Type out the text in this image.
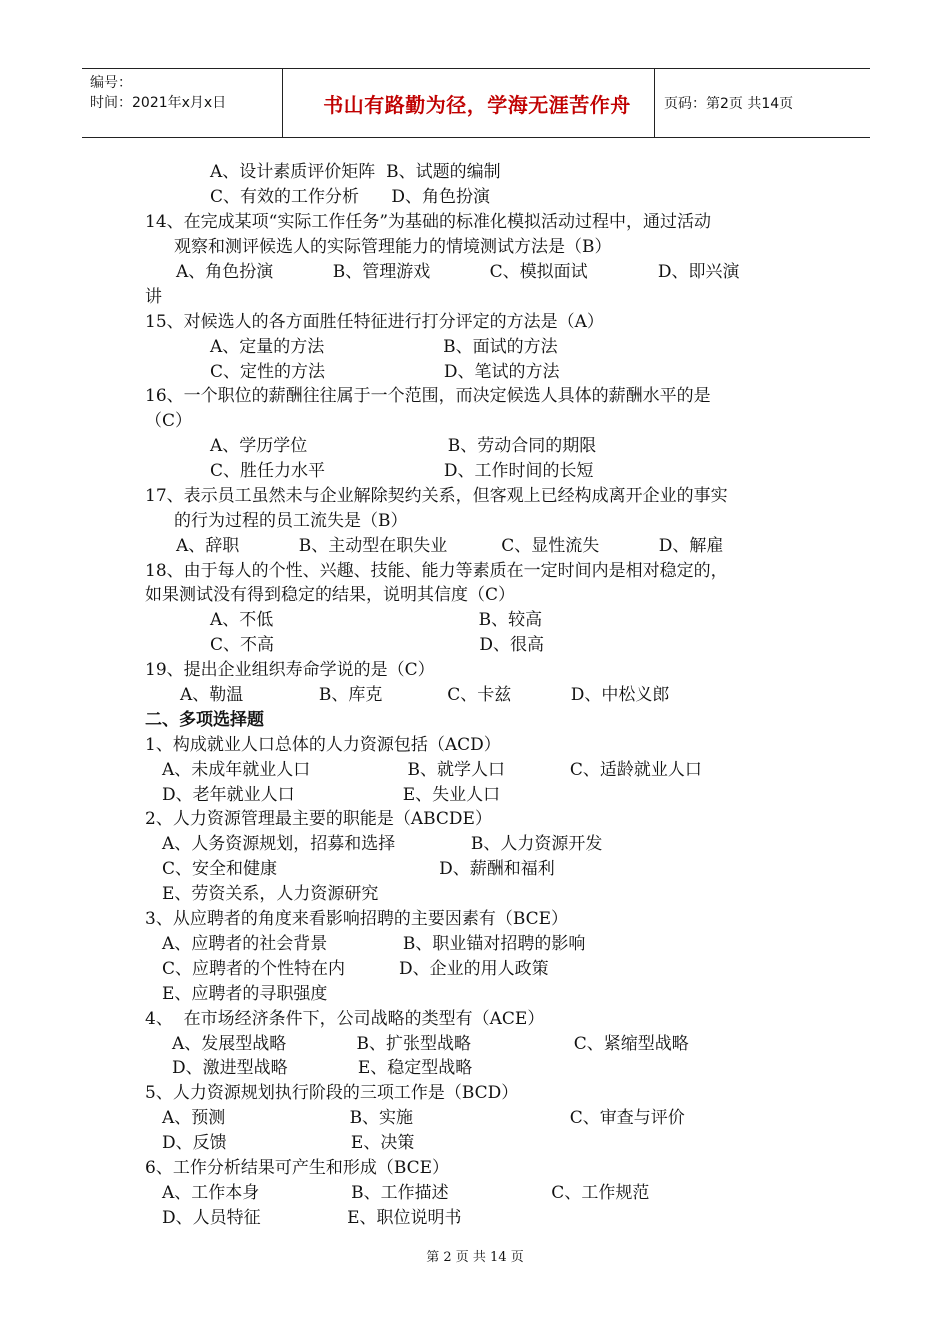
编号：
时间：2021年x月x日	书山有路勤为径，学海无涯苦作舟	页码：第2页 共14页
A、设计素质评价矩阵  B、试题的编制
C、有效的工作分析      D、角色扮演
14、在完成某项“实际工作任务”为基础的标准化模拟活动过程中，通过活动
观察和测评候选人的实际管理能力的情境测试方法是（B）
A、角色扮演           B、管理游戏           C、模拟面试             D、即兴演
讲
15、对候选人的各方面胜任特征进行打分评定的方法是（A）
A、定量的方法                      B、面试的方法
C、定性的方法                      D、笔试的方法
16、一个职位的薪酬往往属于一个范围，而决定候选人具体的薪酬水平的是
（C）
A、学历学位                          B、劳动合同的期限
C、胜任力水平                      D、工作时间的长短
17、表示员工虽然未与企业解除契约关系，但客观上已经构成离开企业的事实
的行为过程的员工流失是（B）
A、辞职           B、主动型在职失业          C、显性流失           D、解雇
18、由于每人的个性、兴趣、技能、能力等素质在一定时间内是相对稳定的，
如果测试没有得到稳定的结果，说明其信度（C）
A、不低                                      B、较高
C、不高                                      D、很高
19、提出企业组织寿命学说的是（C）
A、勒温              B、库克            C、卡兹           D、中松义郎
二、多项选择题
1、构成就业人口总体的人力资源包括（ACD）
A、未成年就业人口                  B、就学人口            C、适龄就业人口
D、老年就业人口                    E、失业人口
2、人力资源管理最主要的职能是（ABCDE）
A、人务资源规划，招募和选择              B、人力资源开发
C、安全和健康                              D、薪酬和福利
E、劳资关系，人力资源研究
3、从应聘者的角度来看影响招聘的主要因素有（BCE）
A、应聘者的社会背景              B、职业锚对招聘的影响
C、应聘者的个性特在内          D、企业的用人政策
E、应聘者的寻职强度
4、  在市场经济条件下，公司战略的类型有（ACE）
A、发展型战略             B、扩张型战略                   C、紧缩型战略
D、激进型战略             E、稳定型战略
5、人力资源规划执行阶段的三项工作是（BCD）
A、预测                       B、实施                             C、审查与评价
D、反馈                       E、决策
6、工作分析结果可产生和形成（BCE）
A、工作本身                 B、工作描述                   C、工作规范
D、人员特征                E、职位说明书
第 2 页 共 14 页
